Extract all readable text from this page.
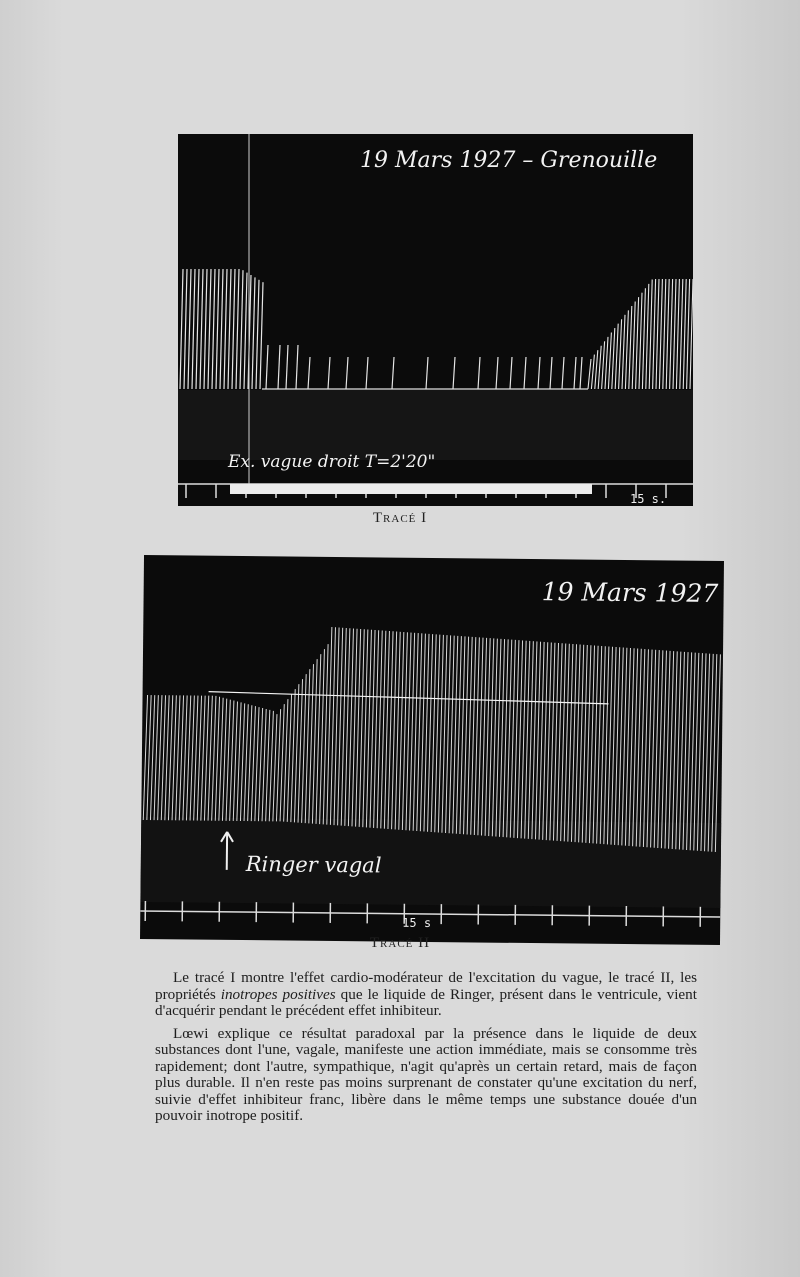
19 Mars 1927 – Grenouille
Ex. vague droit T=2'20"
15 s.
Tracé I
19 Mars 1927
Ringer vagal
15 s
Tracé II

Le tracé I montre l'effet cardio-modérateur de l'excitation du vague, le tracé II, les propriétés inotropes positives que le liquide de Ringer, présent dans le ventricule, vient d'acquérir pendant le précédent effet inhibiteur.

Lœwi explique ce résultat paradoxal par la présence dans le liquide de deux substances dont l'une, vagale, manifeste une action immédiate, mais se consomme très rapidement; dont l'autre, sympathique, n'agit qu'après un certain retard, mais de façon plus durable. Il n'en reste pas moins surprenant de constater qu'une excitation du nerf, suivie d'effet inhibiteur franc, libère dans le même temps une substance douée d'un pouvoir inotrope positif.
